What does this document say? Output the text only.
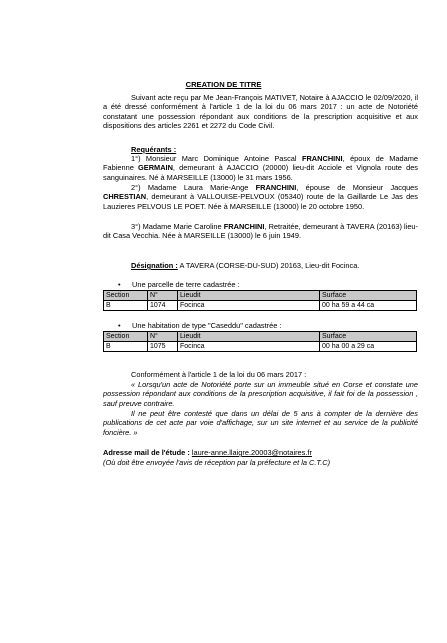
CREATION DE TITRE
Suivant acte reçu par Me Jean-François MATIVET, Notaire à AJACCIO le 02/09/2020, il a été dressé conformément à l'article 1 de la loi du 06 mars 2017 : un acte de Notoriété constatant une possession répondant aux conditions de la prescription acquisitive et aux dispositions des articles 2261 et 2272 du Code Civil.
Requérants :
1°) Monsieur Marc Dominique Antoine Pascal FRANCHINI, époux de Madame Fabienne GERMAIN, demeurant à AJACCIO (20000) lieu-dit Acciole et Vignola route des sanguinaires. Né à MARSEILLE (13000) le 31 mars 1956.
2°) Madame Laura Marie-Ange FRANCHINI, épouse de Monsieur Jacques CHRESTIAN, demeurant à VALLOUISE-PELVOUX (05340) route de la Gaillarde Le Jas des Lauzieres PELVOUS LE POET. Née à MARSEILLE (13000) le 20 octobre 1950.
3°) Madame Marie Caroline FRANCHINI, Retraitée, demeurant à TAVERA (20163) lieu-dit Casa Vecchia. Née à MARSEILLE (13000) le 6 juin 1949.
Désignation : A TAVERA (CORSE-DU-SUD) 20163, Lieu-dit Focinca.
• Une parcelle de terre cadastrée :
Section	N°	Lieudit	Surface
B	1074	Focinca	00 ha 59 a 44 ca
• Une habitation de type "Caseddu" cadastrée :
Section	N°	Lieudit	Surface
B	1075	Focinca	00 ha 00 a 29 ca
Conformément à l'article 1 de la loi du 06 mars 2017 :
« Lorsqu'un acte de Notoriété porte sur un immeuble situé en Corse et constate une possession répondant aux conditions de la prescription acquisitive, il fait foi de la possession , sauf preuve contraire.
Il ne peut être contesté que dans un délai de 5 ans à compter de la dernière des publications de cet acte par voie d'affichage, sur un site internet et au service de la publicité foncière. »
Adresse mail de l'étude : laure-anne.llaigre.20003@notaires.fr
(Où doit être envoyée l'avis de réception par la préfecture et la C.T.C)
